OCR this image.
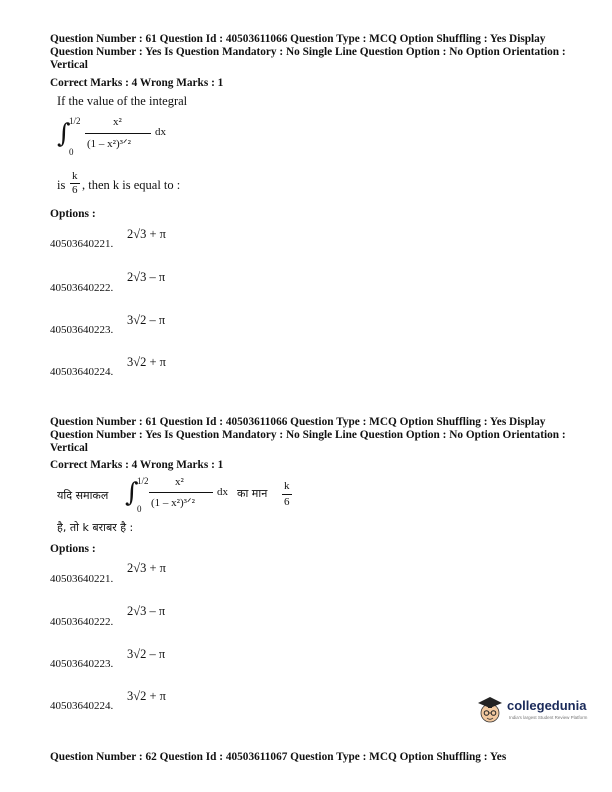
Question Number : 61 Question Id : 40503611066 Question Type : MCQ Option Shuffling : Yes Display Question Number : Yes Is Question Mandatory : No Single Line Question Option : No Option Orientation : Vertical
Correct Marks : 4 Wrong Marks : 1
If the value of the integral
∫
1/2
0
x²
(1 – x²)³ᐟ²
dx
is
k
6 , then k is equal to :
Options :
2√3 + π
40503640221.
2√3 – π
40503640222.
3√2 – π
40503640223.
3√2 + π
40503640224.
Question Number : 61 Question Id : 40503611066 Question Type : MCQ Option Shuffling : Yes Display Question Number : Yes Is Question Mandatory : No Single Line Question Option : No Option Orientation : Vertical
Correct Marks : 4 Wrong Marks : 1
यदि समाकल ∫
1/2
0
x²
(1 – x²)³ᐟ²
dx का मान
k
6
है, तो k बराबर है :
Options :
2√3 + π
40503640221.
2√3 – π
40503640222.
3√2 – π
40503640223.
3√2 + π
40503640224.	collegedunia
India's largest Student Review Platform
Question Number : 62 Question Id : 40503611067 Question Type : MCQ Option Shuffling : Yes
